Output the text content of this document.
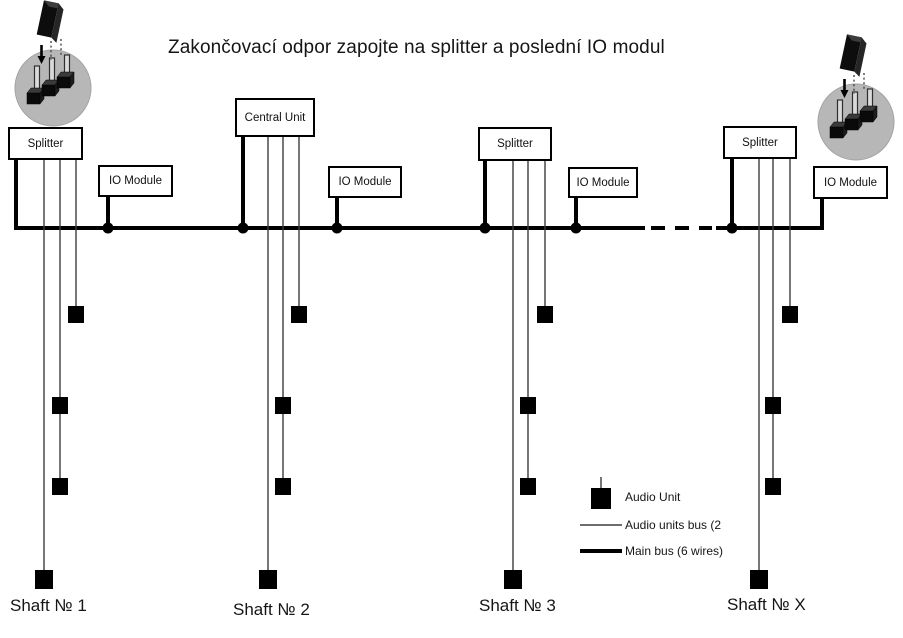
Zakončovací odpor zapojte na splitter a poslední IO modul
Splitter
IO Module
Central Unit
IO Module
Splitter
IO Module
Splitter
IO Module
Shaft № 1	Shaft № 2	Shaft № 3	Shaft № X
Audio Unit
Audio units bus (2
Main bus (6 wires)
